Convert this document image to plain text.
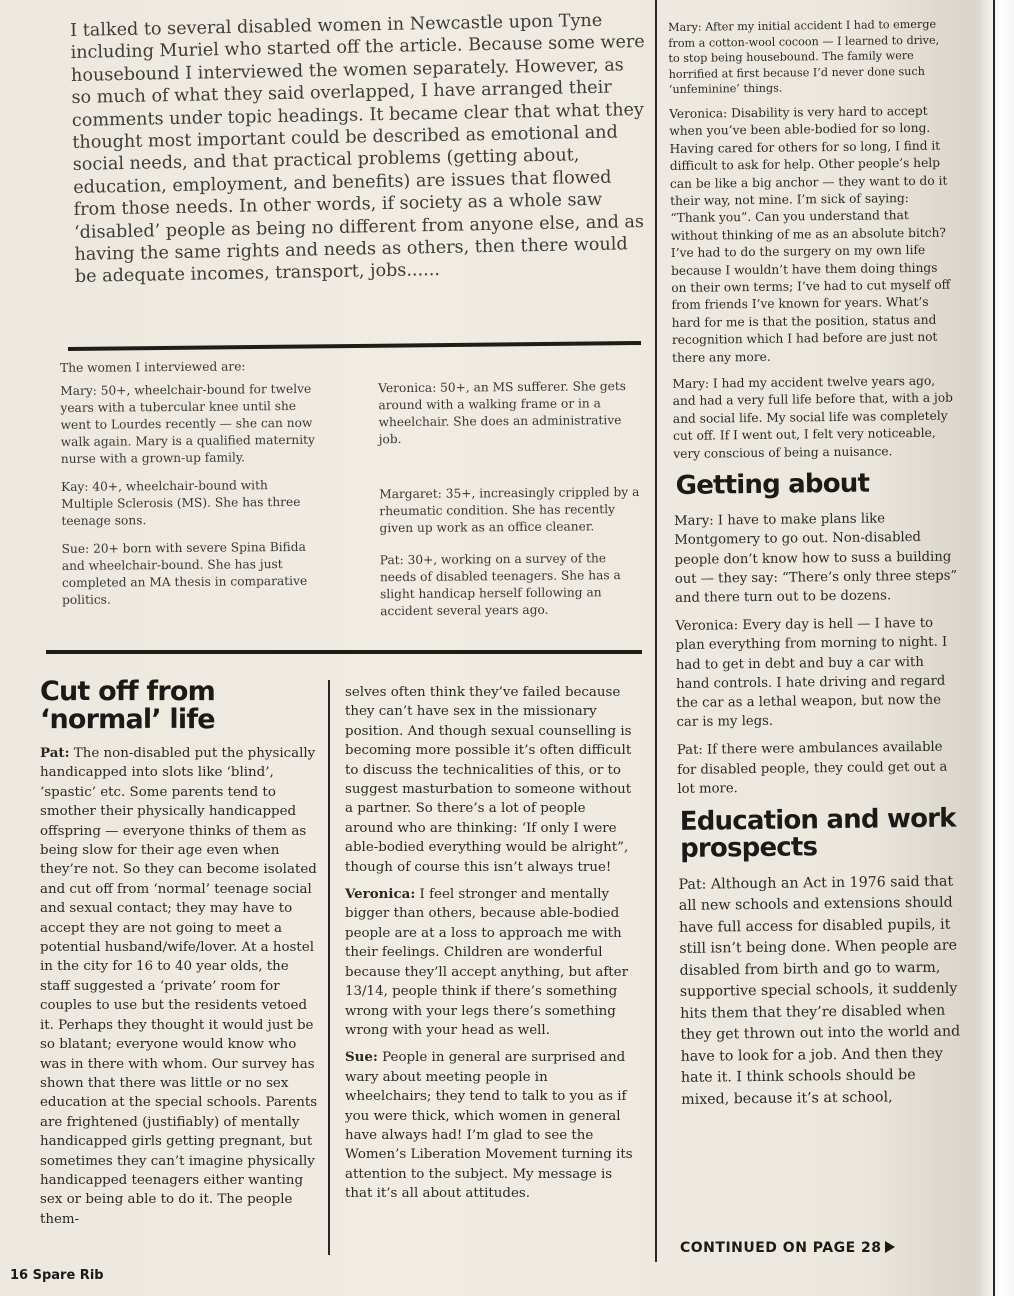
I talked to several disabled women in Newcastle upon Tyne including Muriel who started off the article. Because some were housebound I interviewed the women separately. However, as so much of what they said overlapped, I have arranged their comments under topic headings. It became clear that what they thought most important could be described as emotional and social needs, and that practical problems (getting about, education, employment, and benefits) are issues that flowed from those needs. In other words, if society as a whole saw ‘disabled’ people as being no different from anyone else, and as having the same rights and needs as others, then there would be adequate incomes, transport, jobs......

The women I interviewed are:

Mary: 50+, wheelchair-bound for twelve years with a tubercular knee until she went to Lourdes recently — she can now walk again. Mary is a qualified maternity nurse with a grown-up family.

Kay: 40+, wheelchair-bound with Multiple Sclerosis (MS). She has three teenage sons.

Sue: 20+ born with severe Spina Bifida and wheelchair-bound. She has just completed an MA thesis in comparative politics.

Veronica: 50+, an MS sufferer. She gets around with a walking frame or in a wheelchair. She does an administrative job.

Margaret: 35+, increasingly crippled by a rheumatic condition. She has recently given up work as an office cleaner.

Pat: 30+, working on a survey of the needs of disabled teenagers. She has a slight handicap herself following an accident several years ago.

Cut off from ‘normal’ life

Pat: The non-disabled put the physically handicapped into slots like ‘blind’, ‘spastic’ etc. Some parents tend to smother their physically handicapped offspring — everyone thinks of them as being slow for their age even when they’re not. So they can become isolated and cut off from ‘normal’ teenage social and sexual contact; they may have to accept they are not going to meet a potential husband/wife/lover. At a hostel in the city for 16 to 40 year olds, the staff suggested a ‘private’ room for couples to use but the residents vetoed it. Perhaps they thought it would just be so blatant; everyone would know who was in there with whom. Our survey has shown that there was little or no sex education at the special schools. Parents are frightened (justifiably) of mentally handicapped girls getting pregnant, but sometimes they can’t imagine physically handicapped teenagers either wanting sex or being able to do it. The people them-

selves often think they’ve failed because they can’t have sex in the missionary position. And though sexual counselling is becoming more possible it’s often difficult to discuss the technicalities of this, or to suggest masturbation to someone without a partner. So there’s a lot of people around who are thinking: ‘If only I were able-bodied everything would be alright”, though of course this isn’t always true!

Veronica: I feel stronger and mentally bigger than others, because able-bodied people are at a loss to approach me with their feelings. Children are wonderful because they’ll accept anything, but after 13/14, people think if there’s something wrong with your legs there’s something wrong with your head as well.

Sue: People in general are surprised and wary about meeting people in wheelchairs; they tend to talk to you as if you were thick, which women in general have always had! I’m glad to see the Women’s Liberation Movement turning its attention to the subject. My message is that it’s all about attitudes.

Mary: After my initial accident I had to emerge from a cotton-wool cocoon — I learned to drive, to stop being housebound. The family were horrified at first because I’d never done such ‘unfeminine’ things.

Veronica: Disability is very hard to accept when you’ve been able-bodied for so long. Having cared for others for so long, I find it difficult to ask for help. Other people’s help can be like a big anchor — they want to do it their way, not mine. I’m sick of saying: “Thank you”. Can you understand that without thinking of me as an absolute bitch? I’ve had to do the surgery on my own life because I wouldn’t have them doing things on their own terms; I’ve had to cut myself off from friends I’ve known for years. What’s hard for me is that the position, status and recognition which I had before are just not there any more.

Mary: I had my accident twelve years ago, and had a very full life before that, with a job and social life. My social life was completely cut off. If I went out, I felt very noticeable, very conscious of being a nuisance.

Getting about

Mary: I have to make plans like Montgomery to go out. Non-disabled people don’t know how to suss a building out — they say: “There’s only three steps” and there turn out to be dozens.

Veronica: Every day is hell — I have to plan everything from morning to night. I had to get in debt and buy a car with hand controls. I hate driving and regard the car as a lethal weapon, but now the car is my legs.

Pat: If there were ambulances available for disabled people, they could get out a lot more.

Education and work prospects

Pat: Although an Act in 1976 said that all new schools and extensions should have full access for disabled pupils, it still isn’t being done. When people are disabled from birth and go to warm, supportive special schools, it suddenly hits them that they’re disabled when they get thrown out into the world and have to look for a job. And then they hate it. I think schools should be mixed, because it’s at school,

CONTINUED ON PAGE 28
16 Spare Rib
